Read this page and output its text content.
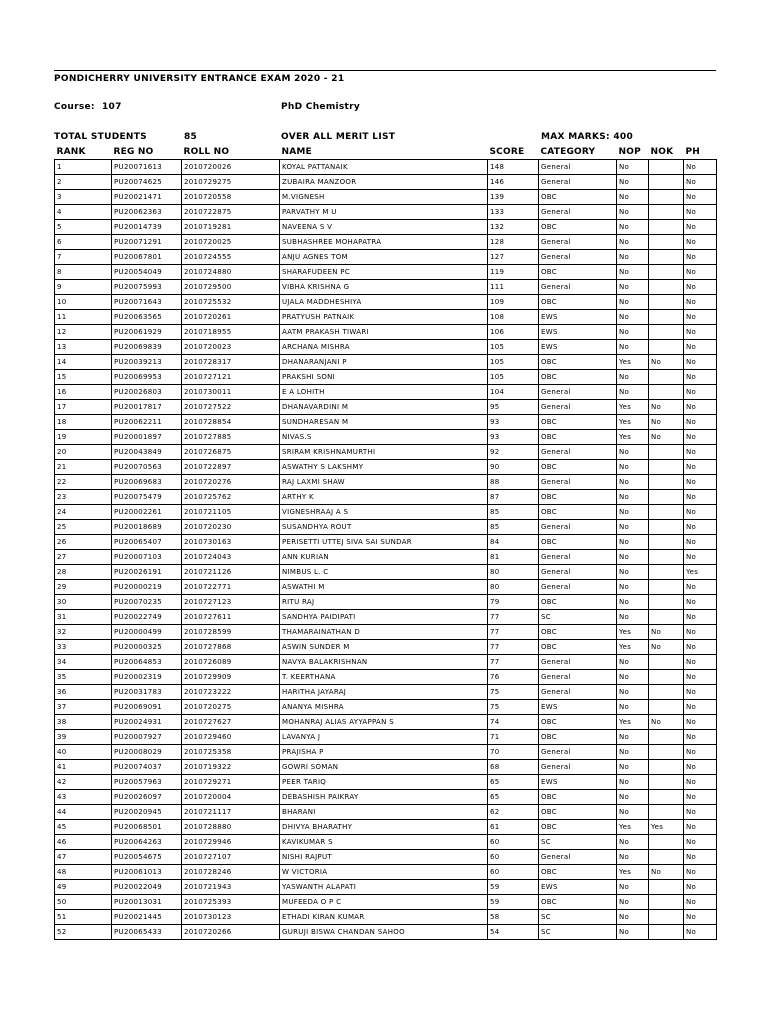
PONDICHERRY UNIVERSITY ENTRANCE EXAM 2020 - 21
Course: 107	PhD Chemistry
TOTAL STUDENTS	85	OVER ALL MERIT LIST	MAX MARKS: 400
RANK	REG NO	ROLL NO	NAME	SCORE	CATEGORY	NOP	NOK	PH
1	PU20071613	2010720026	KOYAL PATTANAIK	148	General	No		No
2	PU20074625	2010729275	ZUBAIRA MANZOOR	146	General	No		No
3	PU20021471	2010720558	M.VIGNESH	139	OBC	No		No
4	PU20062363	2010722875	PARVATHY M U	133	General	No		No
5	PU20014739	2010719281	NAVEENA S V	132	OBC	No		No
6	PU20071291	2010720025	SUBHASHREE MOHAPATRA	128	General	No		No
7	PU20067801	2010724555	ANJU AGNES TOM	127	General	No		No
8	PU20054049	2010724880	SHARAFUDEEN PC	119	OBC	No		No
9	PU20075993	2010729500	VIBHA KRISHNA G	111	General	No		No
10	PU20071643	2010725532	UJALA MADDHESHIYA	109	OBC	No		No
11	PU20063565	2010720261	PRATYUSH PATNAIK	108	EWS	No		No
12	PU20061929	2010718955	AATM PRAKASH TIWARI	106	EWS	No		No
13	PU20069839	2010720023	ARCHANA MISHRA	105	EWS	No		No
14	PU20039213	2010728317	DHANARANJANI P	105	OBC	Yes	No	No
15	PU20069953	2010727121	PRAKSHI SONI	105	OBC	No		No
16	PU20026803	2010730011	E A LOHITH	104	General	No		No
17	PU20017817	2010727522	DHANAVARDINI M	95	General	Yes	No	No
18	PU20062211	2010728854	SUNDHARESAN M	93	OBC	Yes	No	No
19	PU20001897	2010727885	NIVAS.S	93	OBC	Yes	No	No
20	PU20043849	2010726875	SRIRAM KRISHNAMURTHI	92	General	No		No
21	PU20070563	2010722897	ASWATHY S LAKSHMY	90	OBC	No		No
22	PU20069683	2010720276	RAJ LAXMI SHAW	88	General	No		No
23	PU20075479	2010725762	ARTHY K	87	OBC	No		No
24	PU20002261	2010721105	VIGNESHRAAJ A S	85	OBC	No		No
25	PU20018689	2010720230	SUSANDHYA ROUT	85	General	No		No
26	PU20065407	2010730163	PERISETTI UTTEJ SIVA SAI SUNDAR	84	OBC	No		No
27	PU20007103	2010724043	ANN KURIAN	81	General	No		No
28	PU20026191	2010721126	NIMBUS L. C	80	General	No		Yes
29	PU20000219	2010722771	ASWATHI M	80	General	No		No
30	PU20070235	2010727123	RITU RAJ	79	OBC	No		No
31	PU20022749	2010727611	SANDHYA PAIDIPATI	77	SC	No		No
32	PU20000499	2010728599	THAMARAINATHAN D	77	OBC	Yes	No	No
33	PU20000325	2010727868	ASWIN SUNDER M	77	OBC	Yes	No	No
34	PU20064853	2010726089	NAVYA BALAKRISHNAN	77	General	No		No
35	PU20002319	2010729909	T. KEERTHANA	76	General	No		No
36	PU20031783	2010723222	HARITHA JAYARAJ	75	General	No		No
37	PU20069091	2010720275	ANANYA MISHRA	75	EWS	No		No
38	PU20024931	2010727627	MOHANRAJ ALIAS AYYAPPAN S	74	OBC	Yes	No	No
39	PU20007927	2010729460	LAVANYA J	71	OBC	No		No
40	PU20008029	2010725358	PRAJISHA P	70	General	No		No
41	PU20074037	2010719322	GOWRI SOMAN	68	General	No		No
42	PU20057963	2010729271	PEER TARIQ	65	EWS	No		No
43	PU20026097	2010720004	DEBASHISH PAIKRAY	65	OBC	No		No
44	PU20020945	2010721117	BHARANI	62	OBC	No		No
45	PU20068501	2010728880	DHIVYA BHARATHY	61	OBC	Yes	Yes	No
46	PU20064263	2010729946	KAVIKUMAR S	60	SC	No		No
47	PU20054675	2010727107	NISHI RAJPUT	60	General	No		No
48	PU20061013	2010728246	W VICTORIA	60	OBC	Yes	No	No
49	PU20022049	2010721943	YASWANTH ALAPATI	59	EWS	No		No
50	PU20013031	2010725393	MUFEEDA O P C	59	OBC	No		No
51	PU20021445	2010730123	ETHADI KIRAN KUMAR	58	SC	No		No
52	PU20065433	2010720266	GURUJI BISWA CHANDAN SAHOO	54	SC	No		No
